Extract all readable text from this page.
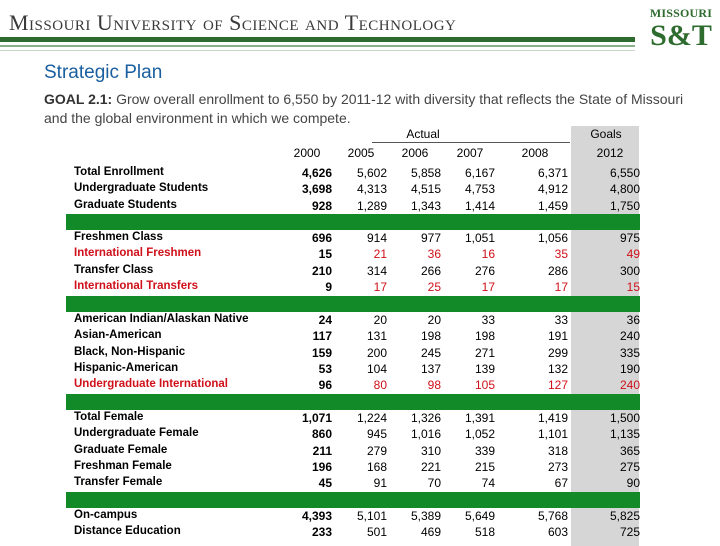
Missouri University of Science and Technology	MISSOURI
S&T
Strategic Plan
GOAL 2.1: Grow overall enrollment to 6,550 by 2011-12 with diversity that reflects the State of Missouri and the global environment in which we compete.
Actual	Goals
2000	2005	2006	2007	2008	2012
Total Enrollment	4,626	5,602	5,858	6,167	6,371	6,550
Undergraduate Students	3,698	4,313	4,515	4,753	4,912	4,800
Graduate Students	928	1,289	1,343	1,414	1,459	1,750
Freshmen Class	696	914	977	1,051	1,056	975
International Freshmen	15	21	36	16	35	49
Transfer Class	210	314	266	276	286	300
International Transfers	9	17	25	17	17	15
American Indian/Alaskan Native	24	20	20	33	33	36
Asian-American	117	131	198	198	191	240
Black, Non-Hispanic	159	200	245	271	299	335
Hispanic-American	53	104	137	139	132	190
Undergraduate International	96	80	98	105	127	240
Total Female	1,071	1,224	1,326	1,391	1,419	1,500
Undergraduate Female	860	945	1,016	1,052	1,101	1,135
Graduate Female	211	279	310	339	318	365
Freshman Female	196	168	221	215	273	275
Transfer Female	45	91	70	74	67	90
On-campus	4,393	5,101	5,389	5,649	5,768	5,825
Distance Education	233	501	469	518	603	725
